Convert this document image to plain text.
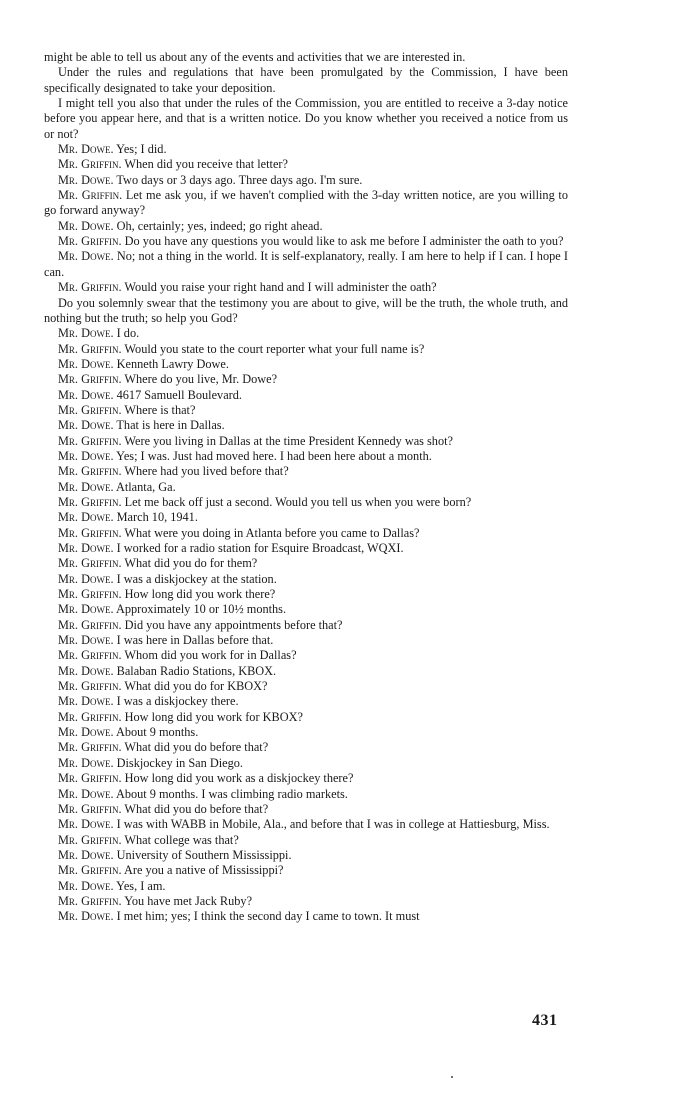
might be able to tell us about any of the events and activities that we are interested in.

Under the rules and regulations that have been promulgated by the Commission, I have been specifically designated to take your deposition.

I might tell you also that under the rules of the Commission, you are entitled to receive a 3-day notice before you appear here, and that is a written notice. Do you know whether you received a notice from us or not?

Mr. Dowe. Yes; I did.

Mr. Griffin. When did you receive that letter?

Mr. Dowe. Two days or 3 days ago. Three days ago. I'm sure.

Mr. Griffin. Let me ask you, if we haven't complied with the 3-day written notice, are you willing to go forward anyway?

Mr. Dowe. Oh, certainly; yes, indeed; go right ahead.

Mr. Griffin. Do you have any questions you would like to ask me before I administer the oath to you?

Mr. Dowe. No; not a thing in the world. It is self-explanatory, really. I am here to help if I can. I hope I can.

Mr. Griffin. Would you raise your right hand and I will administer the oath?

Do you solemnly swear that the testimony you are about to give, will be the truth, the whole truth, and nothing but the truth; so help you God?

Mr. Dowe. I do.

Mr. Griffin. Would you state to the court reporter what your full name is?

Mr. Dowe. Kenneth Lawry Dowe.

Mr. Griffin. Where do you live, Mr. Dowe?

Mr. Dowe. 4617 Samuell Boulevard.

Mr. Griffin. Where is that?

Mr. Dowe. That is here in Dallas.

Mr. Griffin. Were you living in Dallas at the time President Kennedy was shot?

Mr. Dowe. Yes; I was. Just had moved here. I had been here about a month.

Mr. Griffin. Where had you lived before that?

Mr. Dowe. Atlanta, Ga.

Mr. Griffin. Let me back off just a second. Would you tell us when you were born?

Mr. Dowe. March 10, 1941.

Mr. Griffin. What were you doing in Atlanta before you came to Dallas?

Mr. Dowe. I worked for a radio station for Esquire Broadcast, WQXI.

Mr. Griffin. What did you do for them?

Mr. Dowe. I was a diskjockey at the station.

Mr. Griffin. How long did you work there?

Mr. Dowe. Approximately 10 or 10½ months.

Mr. Griffin. Did you have any appointments before that?

Mr. Dowe. I was here in Dallas before that.

Mr. Griffin. Whom did you work for in Dallas?

Mr. Dowe. Balaban Radio Stations, KBOX.

Mr. Griffin. What did you do for KBOX?

Mr. Dowe. I was a diskjockey there.

Mr. Griffin. How long did you work for KBOX?

Mr. Dowe. About 9 months.

Mr. Griffin. What did you do before that?

Mr. Dowe. Diskjockey in San Diego.

Mr. Griffin. How long did you work as a diskjockey there?

Mr. Dowe. About 9 months. I was climbing radio markets.

Mr. Griffin. What did you do before that?

Mr. Dowe. I was with WABB in Mobile, Ala., and before that I was in college at Hattiesburg, Miss.

Mr. Griffin. What college was that?

Mr. Dowe. University of Southern Mississippi.

Mr. Griffin. Are you a native of Mississippi?

Mr. Dowe. Yes, I am.

Mr. Griffin. You have met Jack Ruby?

Mr. Dowe. I met him; yes; I think the second day I came to town. It must

431
